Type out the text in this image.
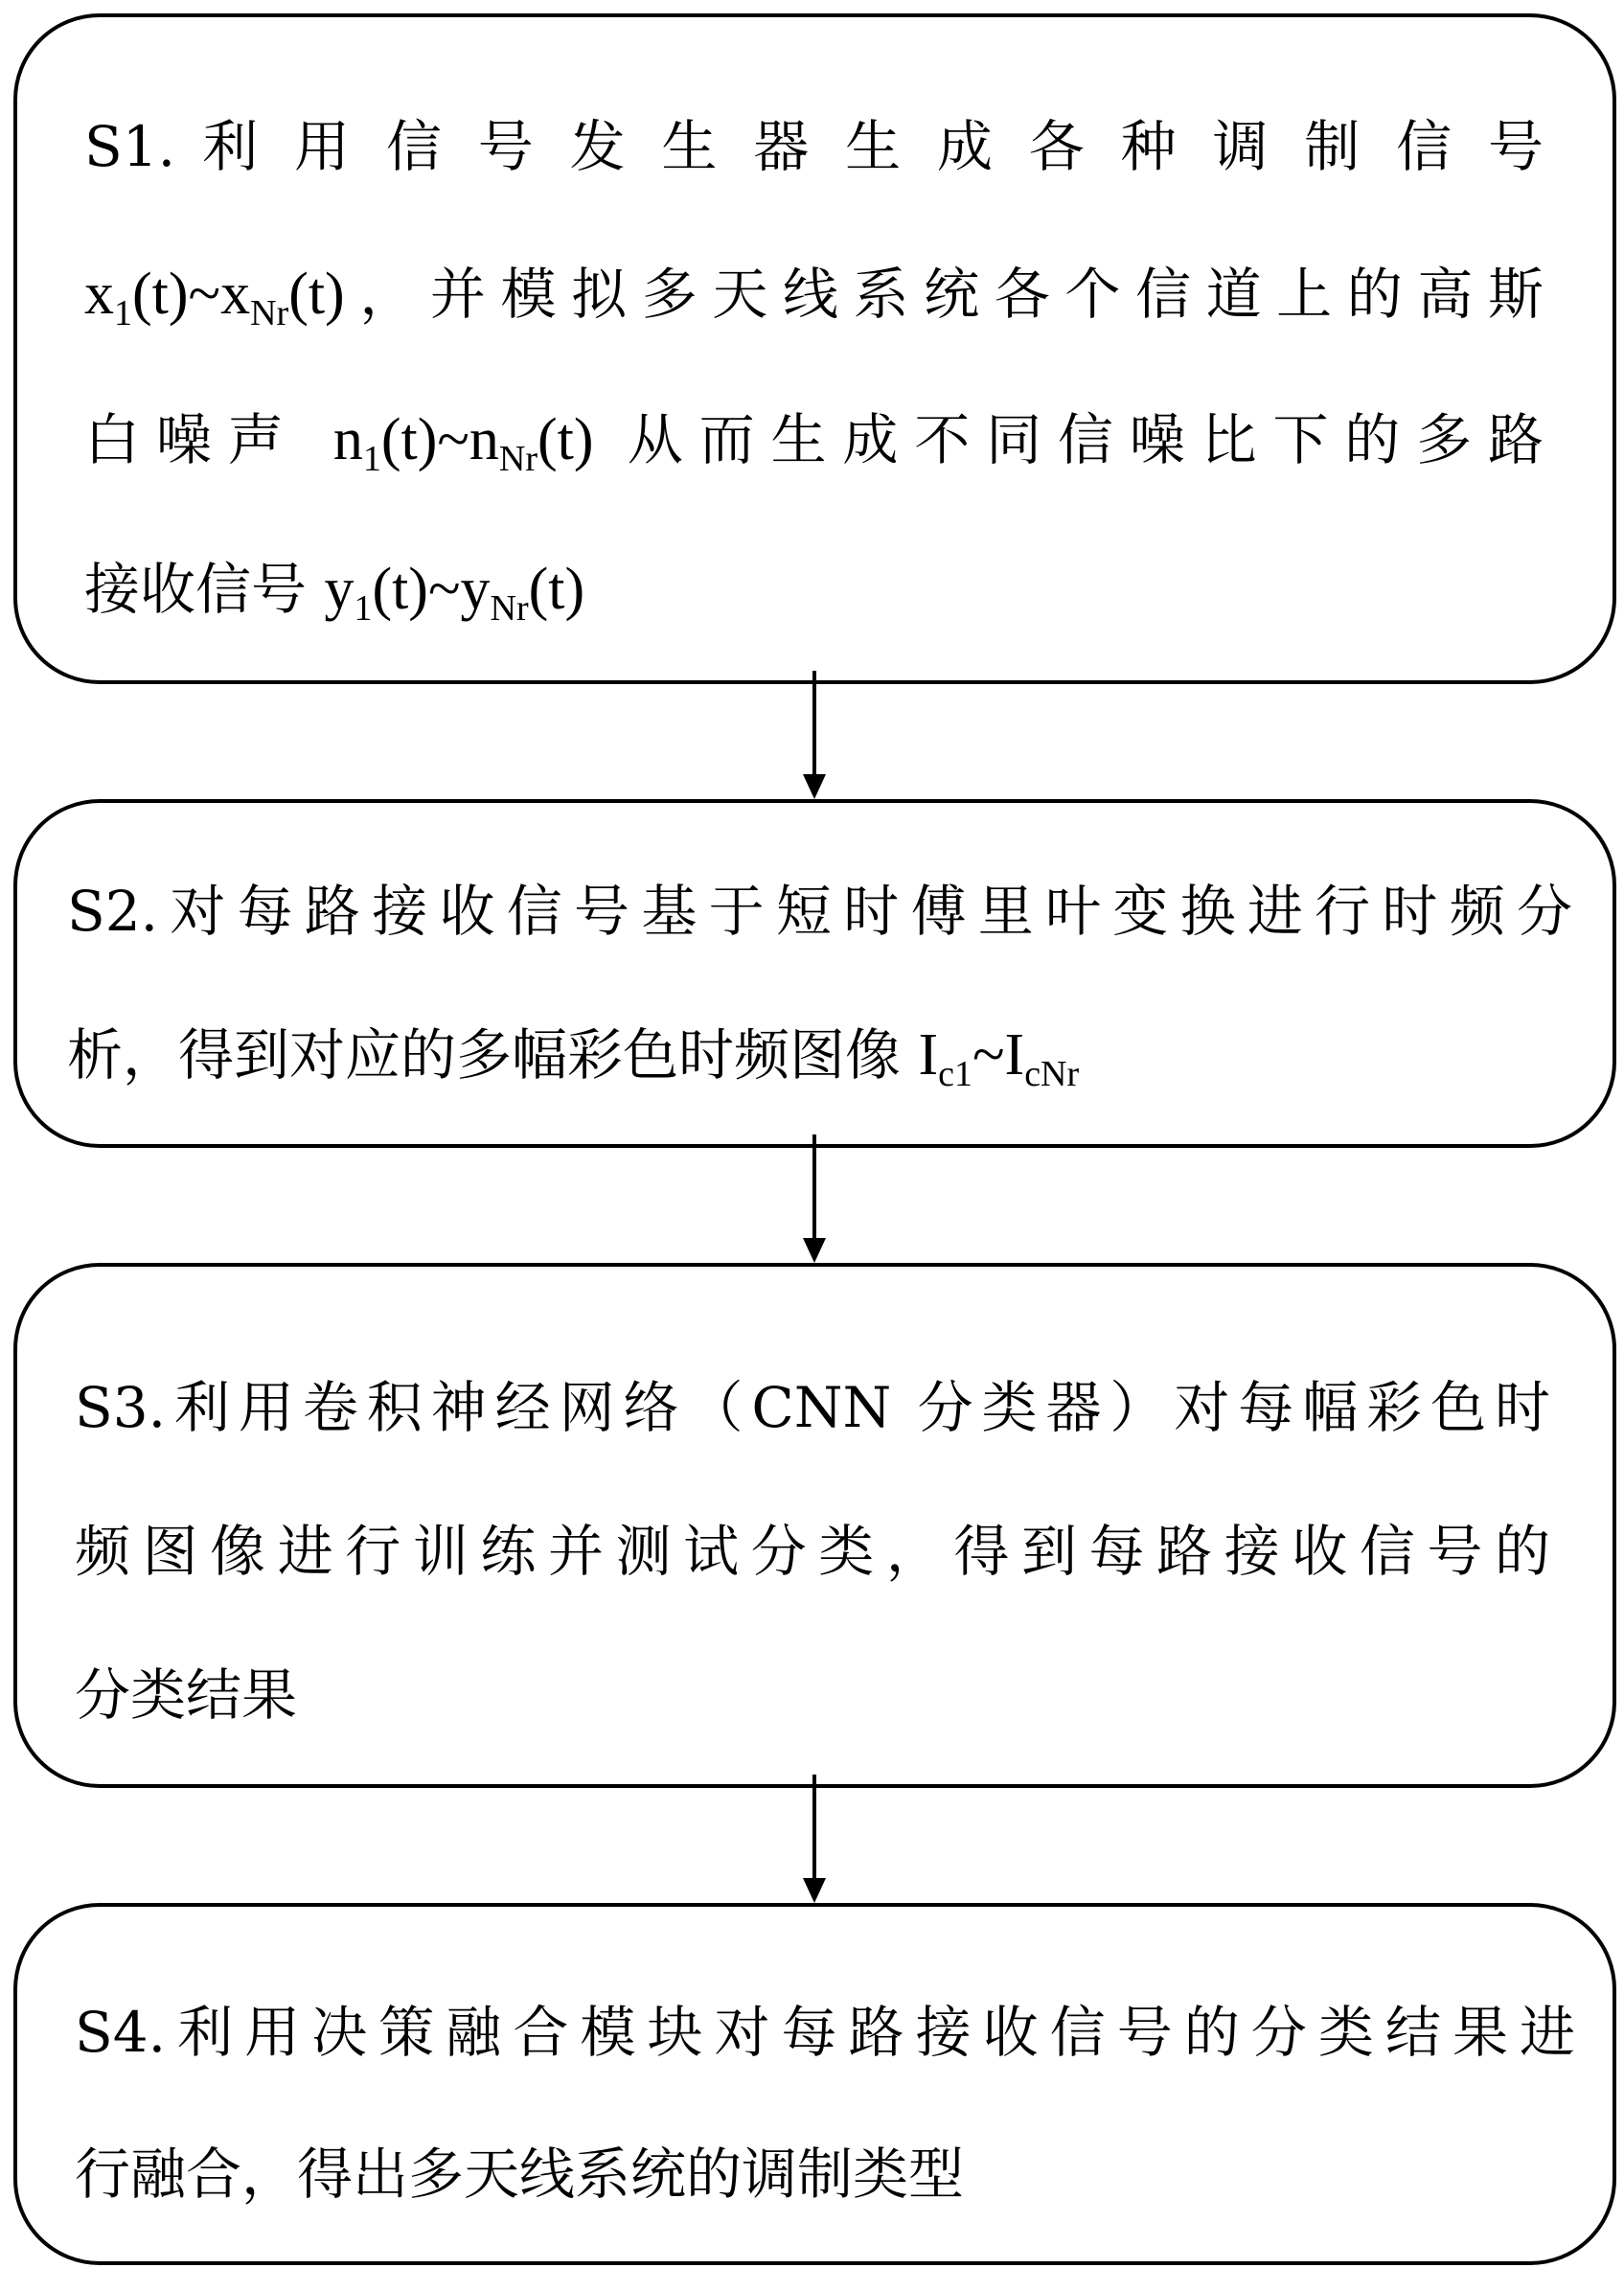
S1. 利 用 信 号 发 生 器 生 成 各 种 调 制 信 号

$x_1(t)\sim x_{Nr}(t)$，并模拟多天线系统各个信道上的高斯

白噪声 $n_1(t)\sim n_{Nr}(t)$ 从而生成不同信噪比下的多路

接收信号 $y_1(t)\sim y_{Nr}(t)$

S2.对每路接收信号基于短时傅里叶变换进行时频分

析，得到对应的多幅彩色时频图像 $I_{c1}\sim I_{cNr}$

S3.利用卷积神经网络（CNN 分类器）对每幅彩色时

频图像进行训练并测试分类，得到每路接收信号的

分类结果

S4.利用决策融合模块对每路接收信号的分类结果进

行融合，得出多天线系统的调制类型
